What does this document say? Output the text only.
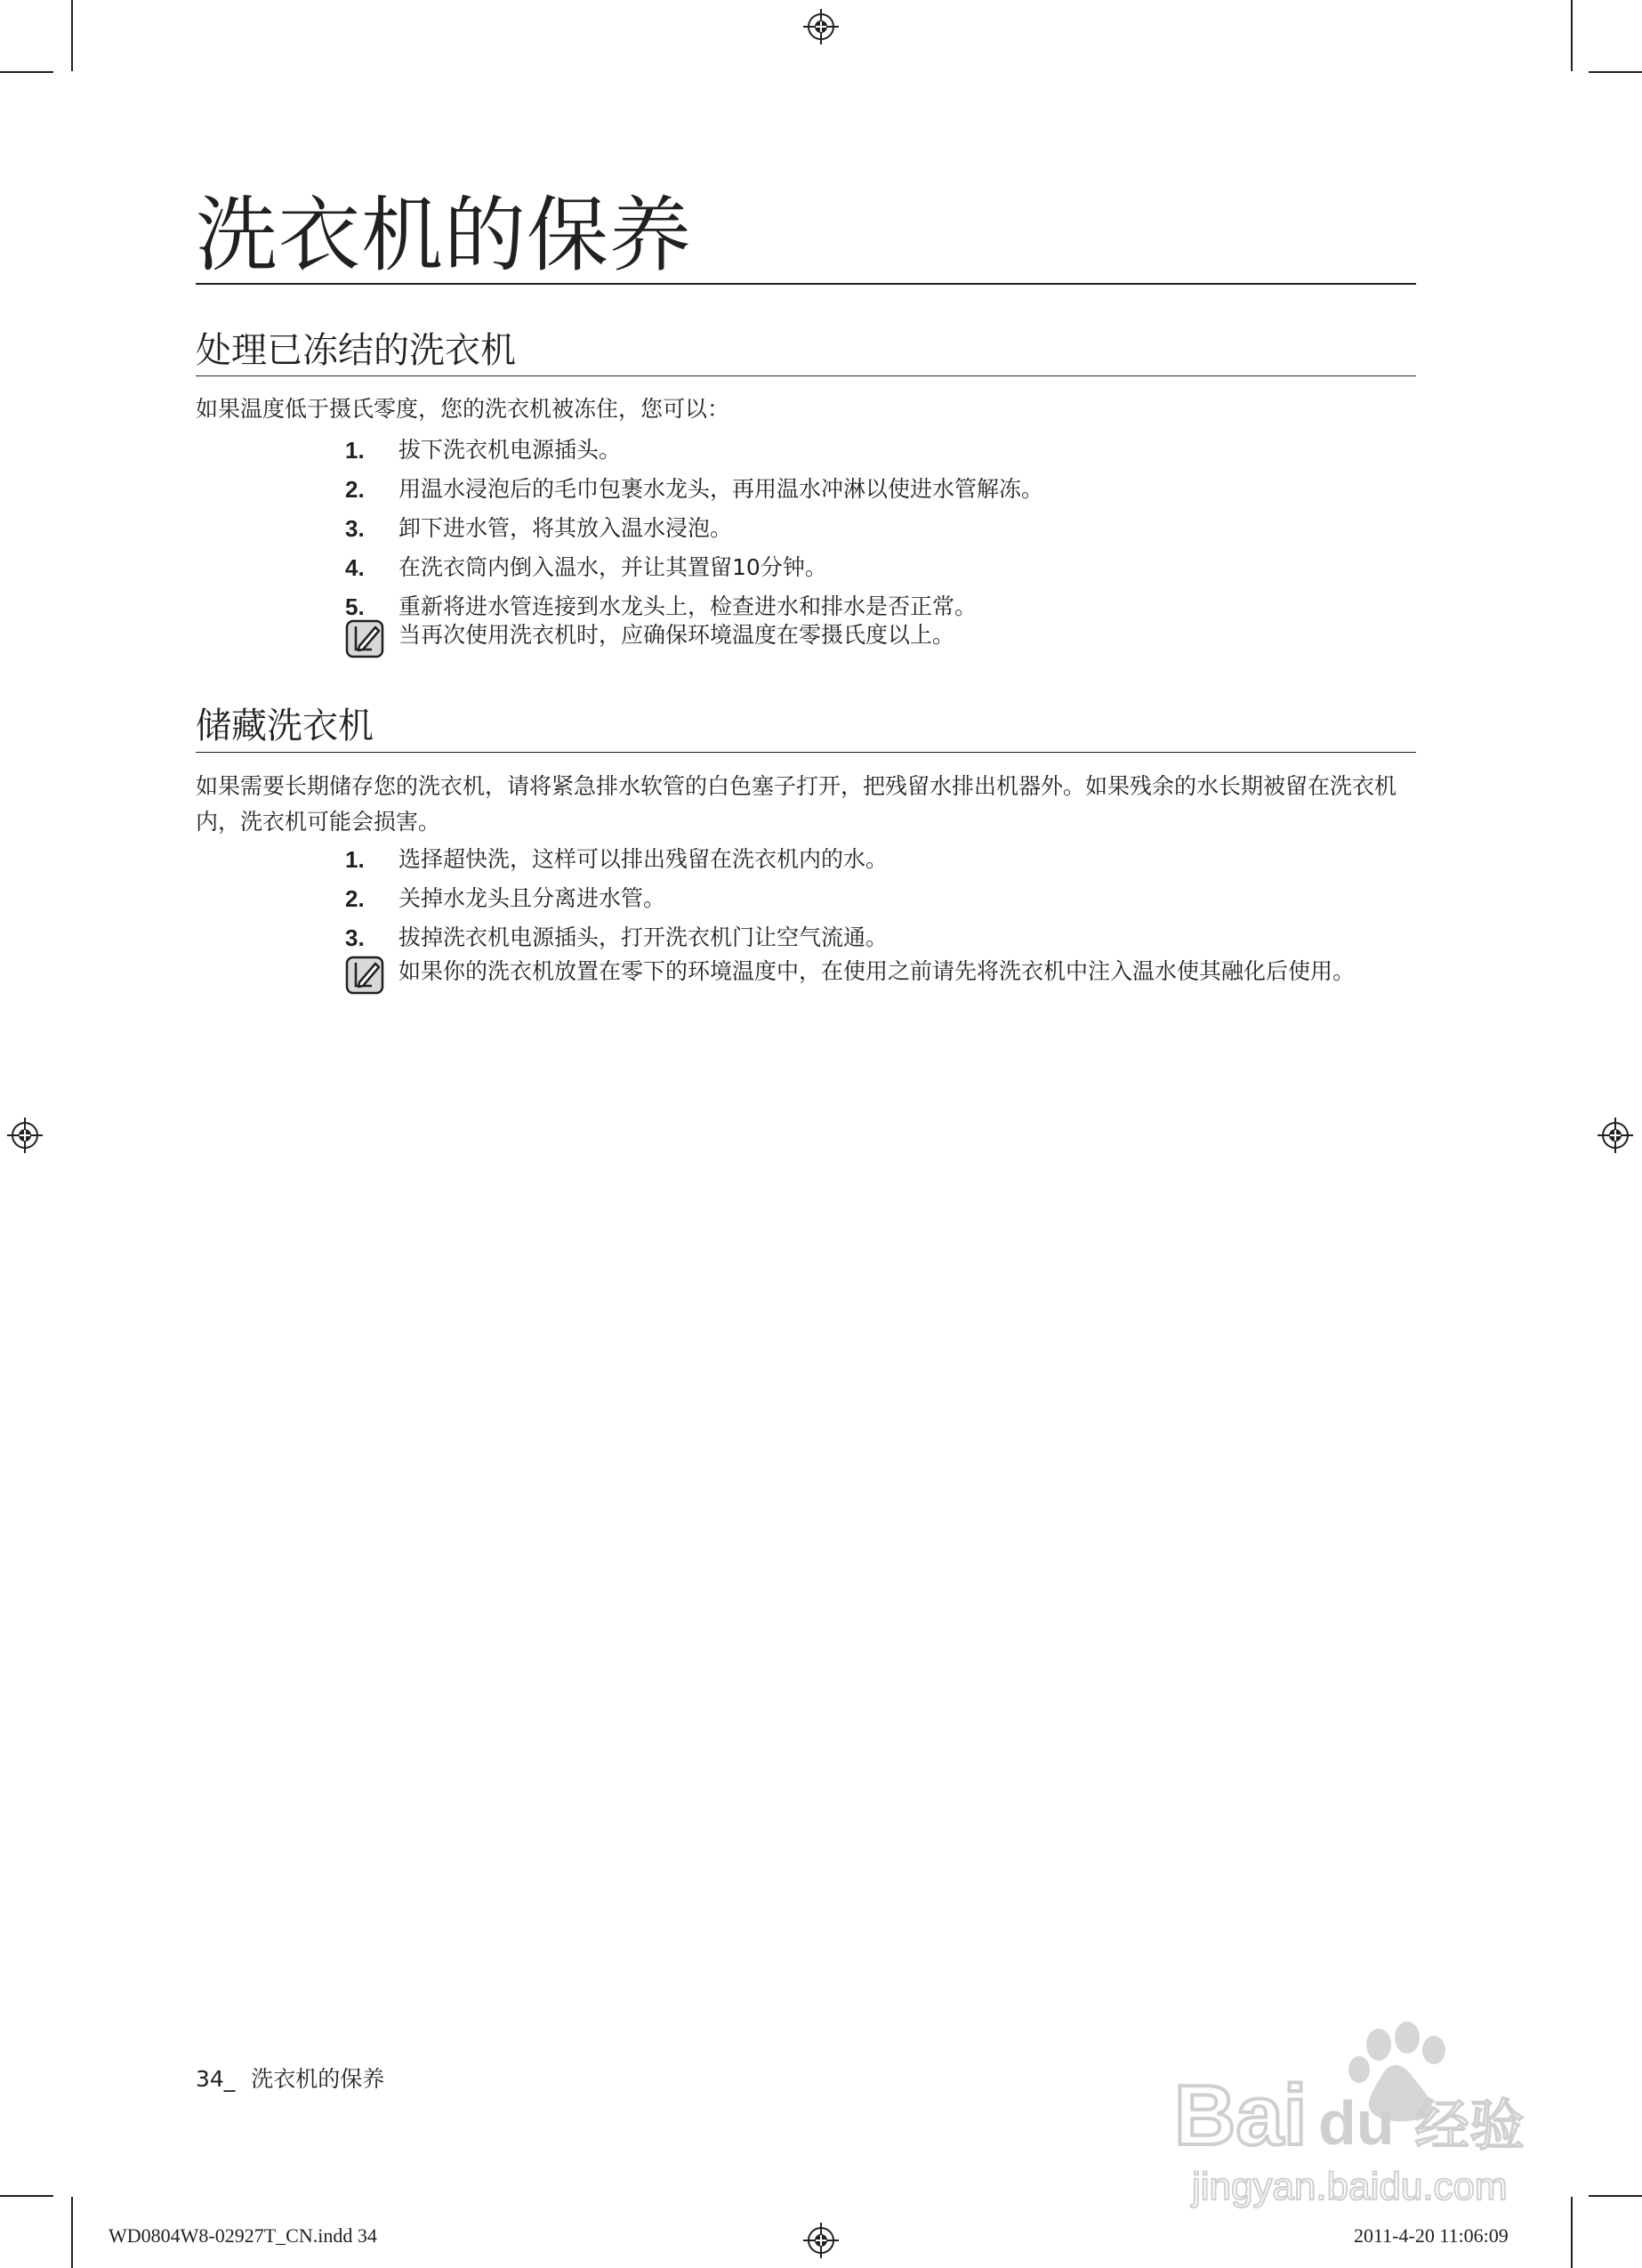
洗衣机的保养
处理已冻结的洗衣机

如果温度低于摄氏零度，您的洗衣机被冻住，您可以：

1. 拔下洗衣机电源插头。
2. 用温水浸泡后的毛巾包裹水龙头，再用温水冲淋以使进水管解冻。
3. 卸下进水管，将其放入温水浸泡。
4. 在洗衣筒内倒入温水，并让其置留10分钟。
5. 重新将进水管连接到水龙头上，检查进水和排水是否正常。
当再次使用洗衣机时，应确保环境温度在零摄氏度以上。
储藏洗衣机

如果需要长期储存您的洗衣机，请将紧急排水软管的白色塞子打开，把残留水排出机器外。如果残余的水长期被留在洗衣机内，洗衣机可能会损害。

1. 选择超快洗，这样可以排出残留在洗衣机内的水。
2. 关掉水龙头且分离进水管。
3. 拔掉洗衣机电源插头，打开洗衣机门让空气流通。
如果你的洗衣机放置在零下的环境温度中，在使用之前请先将洗衣机中注入温水使其融化后使用。
34_ 洗衣机的保养	Bai du 经验
jingyan.baidu.com
WD0804W8-02927T_CN.indd 34	2011-4-20 11:06:09
